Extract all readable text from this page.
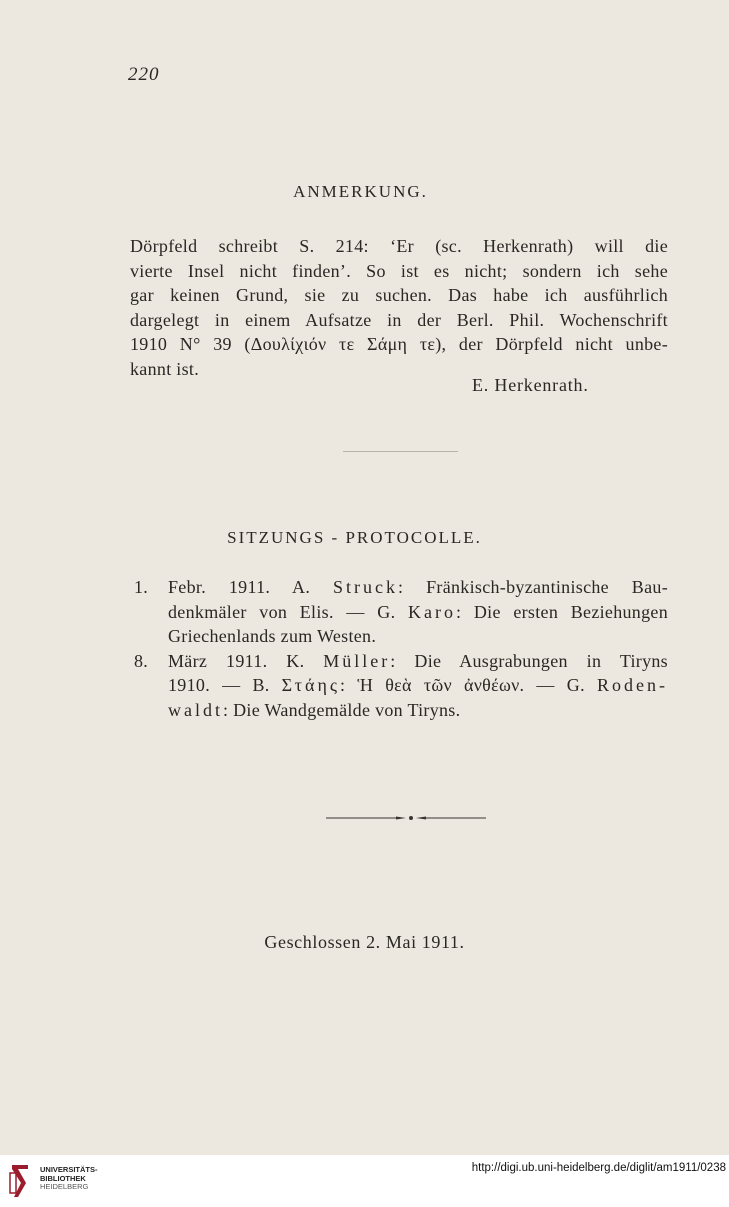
220
ANMERKUNG.
Dörpfeld schreibt S. 214: ‘Er (sc. Herkenrath) will die
vierte Insel nicht finden’. So ist es nicht; sondern ich sehe
gar keinen Grund, sie zu suchen. Das habe ich ausführlich
dargelegt in einem Aufsatze in der Berl. Phil. Wochenschrift
1910 N° 39 (Δουλίχιόν τε Σάμη τε), der Dörpfeld nicht unbe-
kannt ist.
E. Herkenrath.
SITZUNGS - PROTOCOLLE.
1. Febr. 1911. A. Struck: Fränkisch-byzantinische Bau-
denkmäler von Elis. — G. Karo: Die ersten Beziehungen
Griechenlands zum Westen.
8. März 1911. K. Müller: Die Ausgrabungen in Tiryns
1910. — B. Στάης: Ἡ θεὰ τῶν ἀνθέων. — G. Roden-
waldt: Die Wandgemälde von Tiryns.
Geschlossen 2. Mai 1911.
UNIVERSITÄTS-
BIBLIOTHEK
HEIDELBERG
http://digi.ub.uni-heidelberg.de/diglit/am1911/0238
